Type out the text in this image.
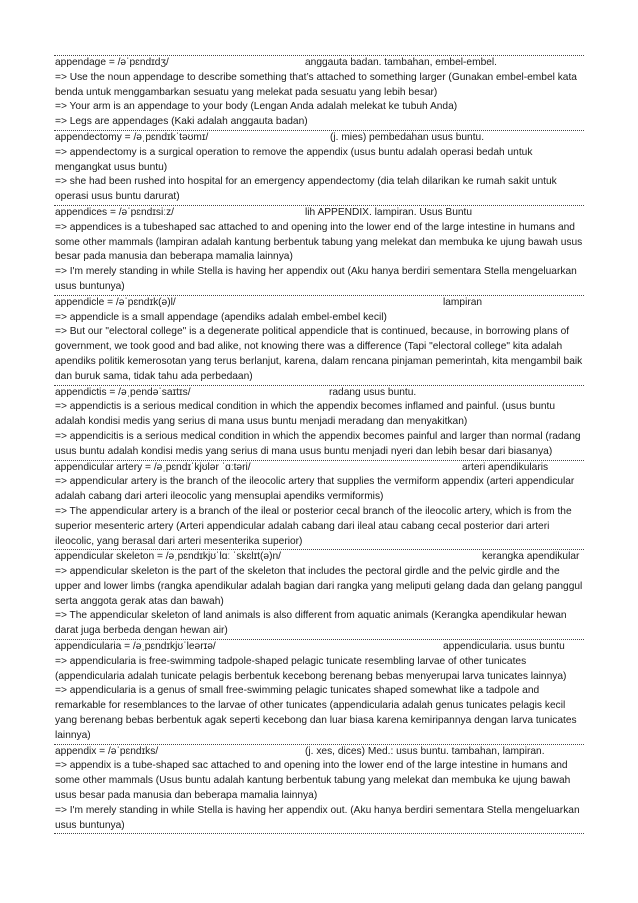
appendage = /əˈpɛndɪdʒ/	anggauta badan. tambahan, embel-embel.
=> Use the noun appendage to describe something that’s attached to something larger (Gunakan embel-embel kata benda untuk menggambarkan sesuatu yang melekat pada sesuatu yang lebih besar)
=> Your arm is an appendage to your body (Lengan Anda adalah melekat ke tubuh Anda)
=> Legs are appendages (Kaki adalah anggauta badan)
appendectomy = /əˌpɛndɪkˈtəʊmɪ/	(j. mies) pembedahan usus buntu.
=> appendectomy is a surgical operation to remove the appendix (usus buntu adalah operasi bedah untuk mengangkat usus buntu)
=> she had been rushed into hospital for an emergency appendectomy (dia telah dilarikan ke rumah sakit untuk operasi usus buntu darurat)
appendices = /əˈpɛndɪsiːz/	lih APPENDIX. lampiran. Usus Buntu
=> appendices is a tubeshaped sac attached to and opening into the lower end of the large intestine in humans and some other mammals (lampiran adalah kantung berbentuk tabung yang melekat dan membuka ke ujung bawah usus besar pada manusia dan beberapa mamalia lainnya)
=> I'm merely standing in while Stella is having her appendix out (Aku hanya berdiri sementara Stella mengeluarkan usus buntunya)
appendicle = /əˈpɛndɪk(ə)l/	lampiran
=> appendicle is a small appendage (apendiks adalah embel-embel kecil)
=> But our "electoral college" is a degenerate political appendicle that is continued, because, in borrowing plans of government, we took good and bad alike, not knowing there was a difference (Tapi "electoral college" kita adalah apendiks politik kemerosotan yang terus berlanjut, karena, dalam rencana pinjaman pemerintah, kita mengambil baik dan buruk sama, tidak tahu ada perbedaan)
appendictis = /əˌpendəˈsaɪtɪs/	radang usus buntu.
=> appendictis is a serious medical condition in which the appendix becomes inflamed and painful. (usus buntu adalah kondisi medis yang serius di mana usus buntu menjadi meradang dan menyakitkan)
=> appendicitis is a serious medical condition in which the appendix becomes painful and larger than normal (radang usus buntu adalah kondisi medis yang serius di mana usus buntu menjadi nyeri dan lebih besar dari biasanya)
appendicular artery = /əˌpɛndɪˈkjʊlər ˈɑːtəri/	arteri apendikularis
=> appendicular artery is the branch of the ileocolic artery that supplies the vermiform appendix (arteri appendicular adalah cabang dari arteri ileocolic yang mensuplai apendiks vermiformis)
=> The appendicular artery is a branch of the ileal or posterior cecal branch of the ileocolic artery, which is from the superior mesenteric artery (Arteri appendicular adalah cabang dari ileal atau cabang cecal posterior dari arteri ileocolic, yang berasal dari arteri mesenterika superior)
appendicular skeleton = /əˌpɛndɪkjʊˈlɑː ˈskɛlɪt(ə)n/	kerangka apendikular
=> appendicular skeleton is the part of the skeleton that includes the pectoral girdle and the pelvic girdle and the upper and lower limbs (rangka apendikular adalah bagian dari rangka yang meliputi gelang dada dan gelang panggul serta anggota gerak atas dan bawah)
=> The appendicular skeleton of land animals is also different from aquatic animals (Kerangka apendikular hewan darat juga berbeda dengan hewan air)
appendicularia = /əˌpɛndɪkjʊˈleərɪə/	appendicularia. usus buntu
=> appendicularia is free-swimming tadpole-shaped pelagic tunicate resembling larvae of other tunicates (appendicularia adalah tunicate pelagis berbentuk kecebong berenang bebas menyerupai larva tunicates lainnya)
=> appendicularia is a genus of small free-swimming pelagic tunicates shaped somewhat like a tadpole and remarkable for resemblances to the larvae of other tunicates (appendicularia adalah genus tunicates pelagis kecil yang berenang bebas berbentuk agak seperti kecebong dan luar biasa karena kemiripannya dengan larva tunicates lainnya)
appendix = /əˈpɛndɪks/	(j. xes, dices) Med.: usus buntu. tambahan, lampiran.
=> appendix is a tube-shaped sac attached to and opening into the lower end of the large intestine in humans and some other mammals (Usus buntu adalah kantung berbentuk tabung yang melekat dan membuka ke ujung bawah usus besar pada manusia dan beberapa mamalia lainnya)
=> I'm merely standing in while Stella is having her appendix out. (Aku hanya berdiri sementara Stella mengeluarkan usus buntunya)
